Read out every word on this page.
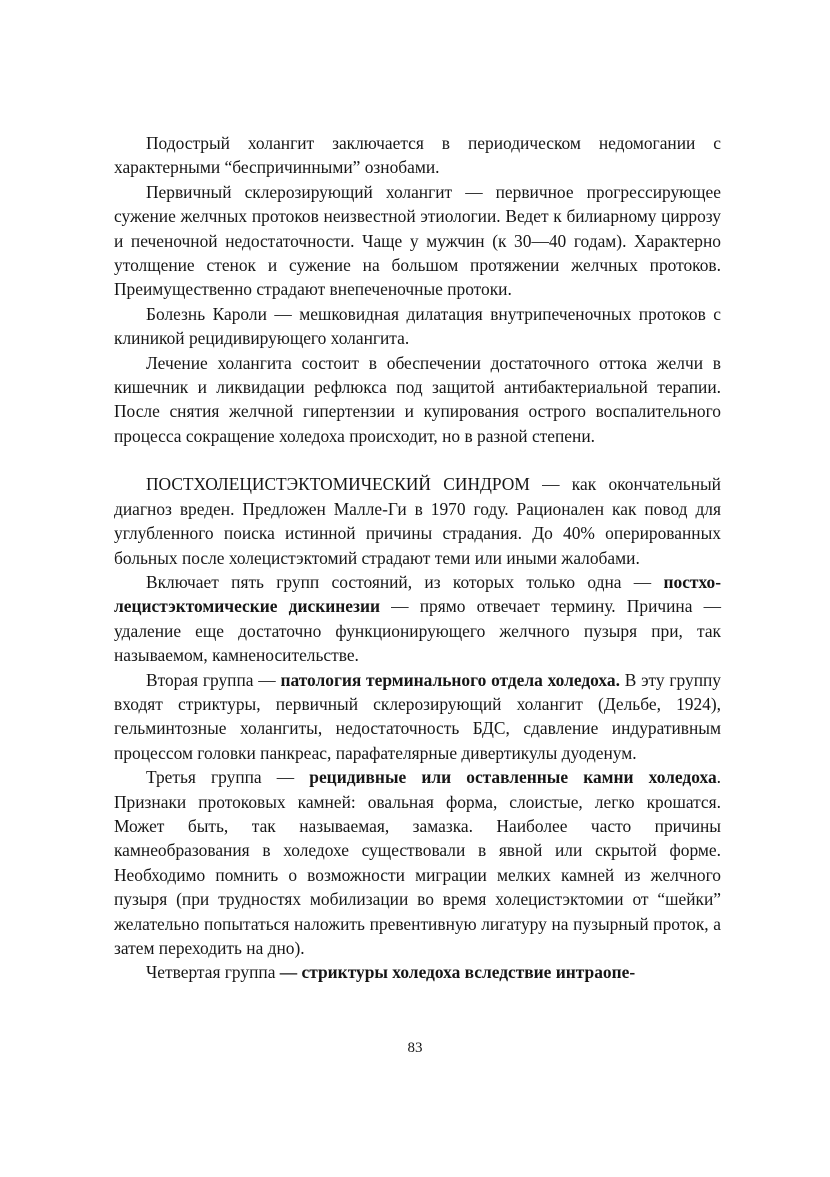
Подострый холангит заключается в периодическом недомогании с характерными “беспричинными” ознобами.

Первичный склерозирующий холангит — первичное прогрессирующее сужение желчных протоков неизвестной этиологии. Ведет к билиарному циррозу и печеночной недостаточности. Чаще у мужчин (к 30—40 годам). Характерно утолщение стенок и сужение на большом протяжении желчных протоков. Преимущественно страдают внепеченочные протоки.

Болезнь Кароли — мешковидная дилатация внутрипеченочных протоков с клиникой рецидивирующего холангита.

Лечение холангита состоит в обеспечении достаточного оттока желчи в кишечник и ликвидации рефлюкса под защитой антибактериальной терапии. После снятия желчной гипертензии и купирования острого воспалительного процесса сокращение холедоха происходит, но в разной степени.

ПОСТХОЛЕЦИСТЭКТОМИЧЕСКИЙ СИНДРОМ — как окончательный диагноз вреден. Предложен Малле-Ги в 1970 году. Рационален как повод для углубленного поиска истинной причины страдания. До 40% оперированных больных после холецистэктомий страдают теми или иными жалобами.

Включает пять групп состояний, из которых только одна — постхолецистэктомические дискинезии — прямо отвечает термину. Причина — удаление еще достаточно функционирующего желчного пузыря при, так называемом, камненосительстве.

Вторая группа — патология терминального отдела холедоха. В эту группу входят стриктуры, первичный склерозирующий холангит (Дельбе, 1924), гельминтозные холангиты, недостаточность БДС, сдавление индуративным процессом головки панкреас, парафателярные дивертикулы дуоденум.

Третья группа — рецидивные или оставленные камни холедоха. Признаки протоковых камней: овальная форма, слоистые, легко крошатся. Может быть, так называемая, замазка. Наиболее часто причины камнеобразования в холедохе существовали в явной или скрытой форме. Необходимо помнить о возможности миграции мелких камней из желчного пузыря (при трудностях мобилизации во время холецистэктомии от “шейки” желательно попытаться наложить превентивную лигатуру на пузырный проток, а затем переходить на дно).

Четвертая группа — стриктуры холедоха вследствие интраопе-

83
